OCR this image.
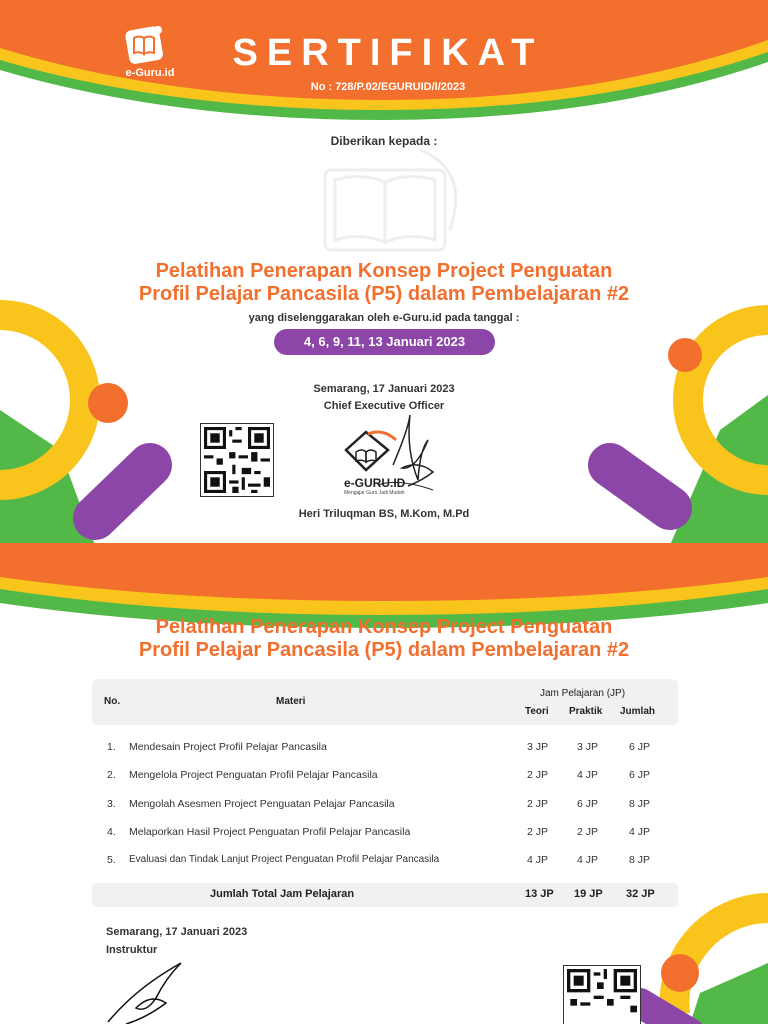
e-Guru.id	SERTIFIKAT
No : 728/P.02/EGURUID/I/2023
Diberikan kepada :
Pelatihan Penerapan Konsep Project Penguatan
Profil Pelajar Pancasila (P5) dalam Pembelajaran #2
yang diselenggarakan oleh e-Guru.id pada tanggal :
4, 6, 9, 11, 13 Januari 2023
Semarang, 17 Januari 2023
Chief Executive Officer
e-GURU.ID
Mengajar Guru Jadi Mudah
Heri Triluqman BS, M.Kom, M.Pd
Pelatihan Penerapan Konsep Project Penguatan
Profil Pelajar Pancasila (P5) dalam Pembelajaran #2
No.	Materi
Jam Pelajaran (JP)
Teori Praktik Jumlah
1. Mendesain Project Profil Pelajar Pancasila	3 JP	3 JP	6 JP
2. Mengelola Project Penguatan Profil Pelajar Pancasila	2 JP	4 JP	6 JP
3. Mengolah Asesmen Project Penguatan Pelajar Pancasila	2 JP	6 JP	8 JP
4. Melaporkan Hasil Project Penguatan Profil Pelajar Pancasila	2 JP	2 JP	4 JP
5. Evaluasi dan Tindak Lanjut Project Penguatan Profil Pelajar Pancasila	4 JP	4 JP	8 JP
Jumlah Total Jam Pelajaran	13 JP 19 JP 32 JP
Semarang, 17 Januari 2023
Instruktur
